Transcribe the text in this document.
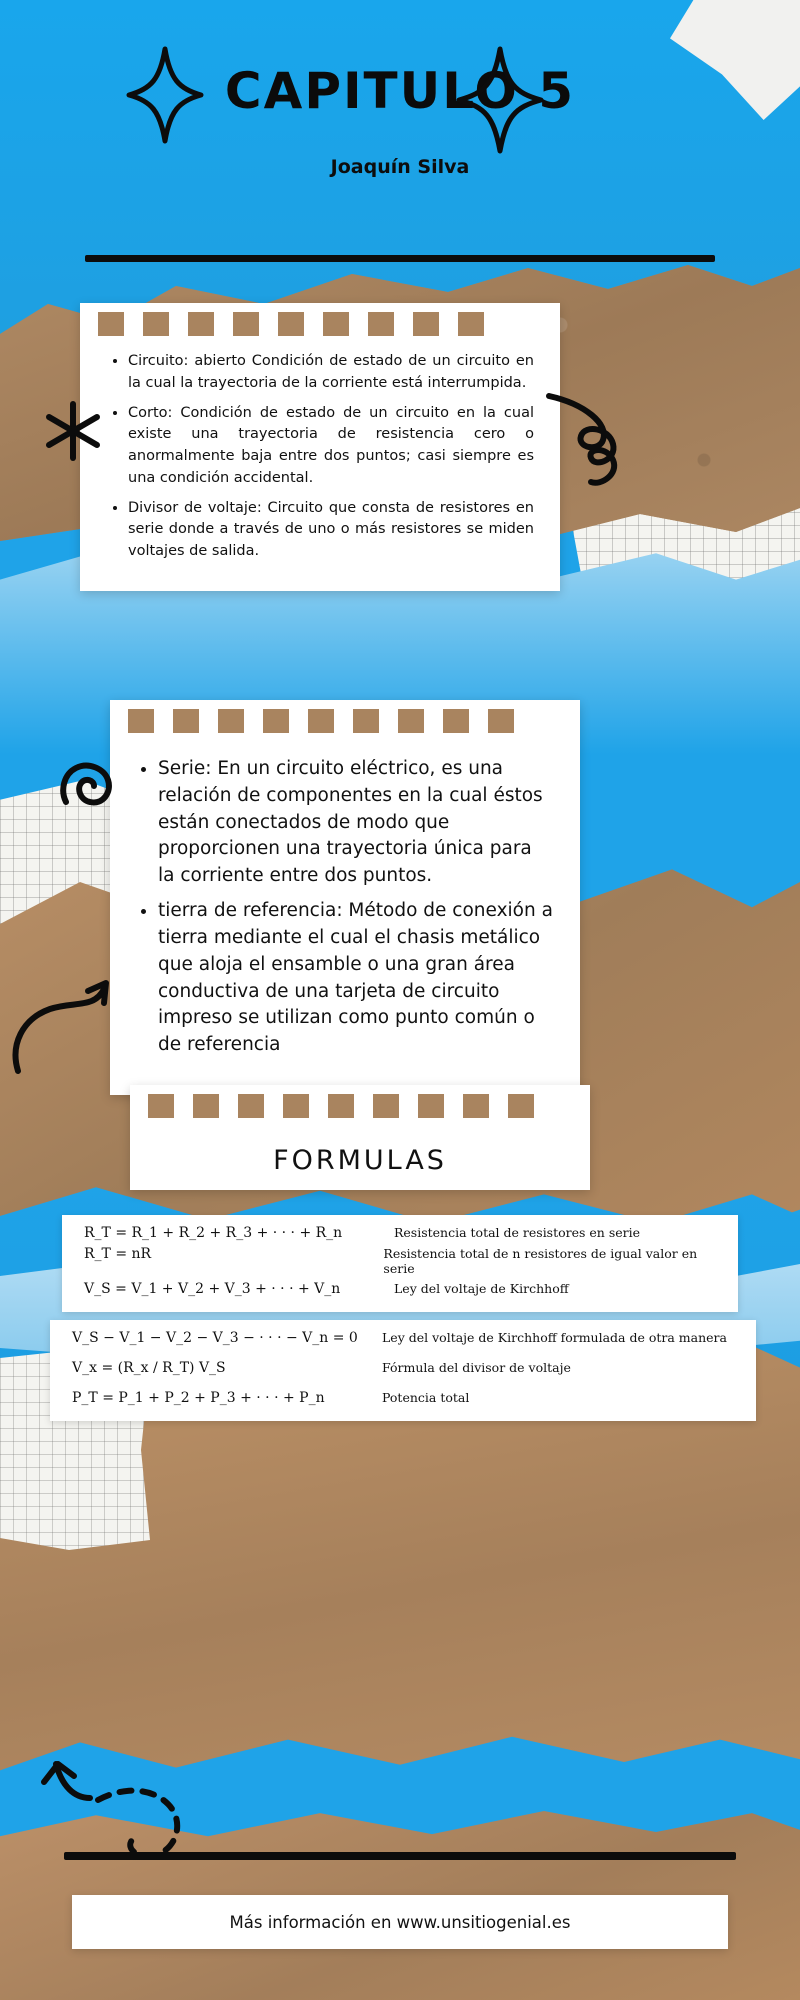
CAPITULO 5
Joaquín Silva
• Circuito: abierto Condición de estado de un circuito en la cual la trayectoria de la corriente está interrumpida.
• Corto: Condición de estado de un circuito en la cual existe una trayectoria de resistencia cero o anormalmente baja entre dos puntos; casi siempre es una condición accidental.
• Divisor de voltaje: Circuito que consta de resistores en serie donde a través de uno o más resistores se miden voltajes de salida.
• Serie: En un circuito eléctrico, es una relación de componentes en la cual éstos están conectados de modo que proporcionen una trayectoria única para la corriente entre dos puntos.
• tierra de referencia: Método de conexión a tierra mediante el cual el chasis metálico que aloja el ensamble o una gran área conductiva de una tarjeta de circuito impreso se utilizan como punto común o de referencia
FORMULAS
R_T = R_1 + R_2 + R_3 + · · · + R_n	Resistencia total de resistores en serie
R_T = nR	Resistencia total de n resistores de igual valor en serie
V_S = V_1 + V_2 + V_3 + · · · + V_n	Ley del voltaje de Kirchhoff
V_S − V_1 − V_2 − V_3 − · · · − V_n = 0	Ley del voltaje de Kirchhoff formulada de otra manera
V_x = (R_x / R_T) V_S	Fórmula del divisor de voltaje
P_T = P_1 + P_2 + P_3 + · · · + P_n	Potencia total
Más información en www.unsitiogenial.es
